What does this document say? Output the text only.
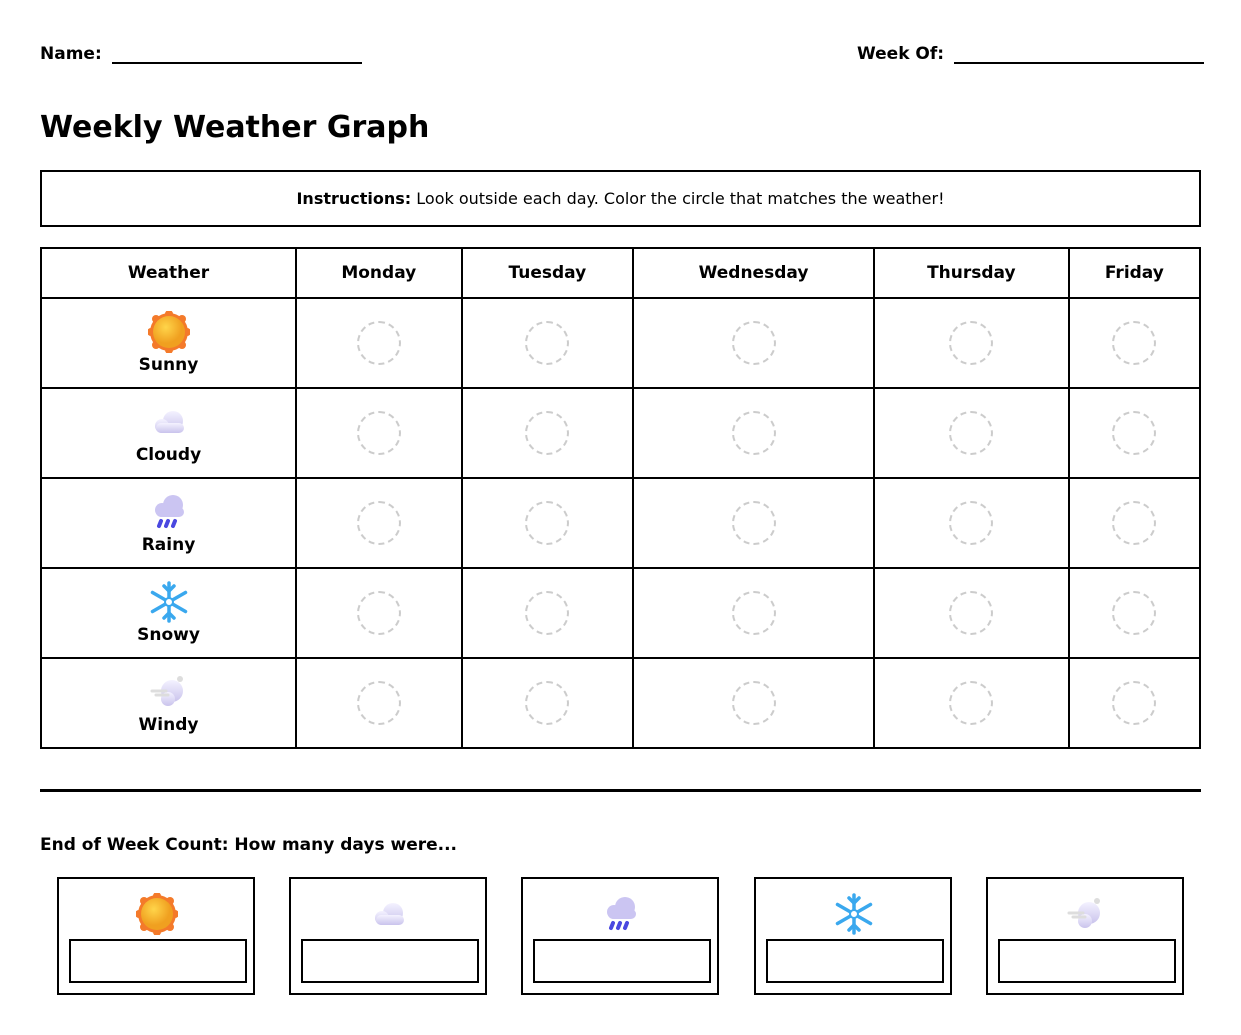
Name:	Week Of:
Weekly Weather Graph
Instructions: Look outside each day. Color the circle that matches the weather!
Weather	Monday	Tuesday	Wednesday	Thursday	Friday

Sunny					

Cloudy					

Rainy					

Snowy					

Windy					

End of Week Count: How many days were...
